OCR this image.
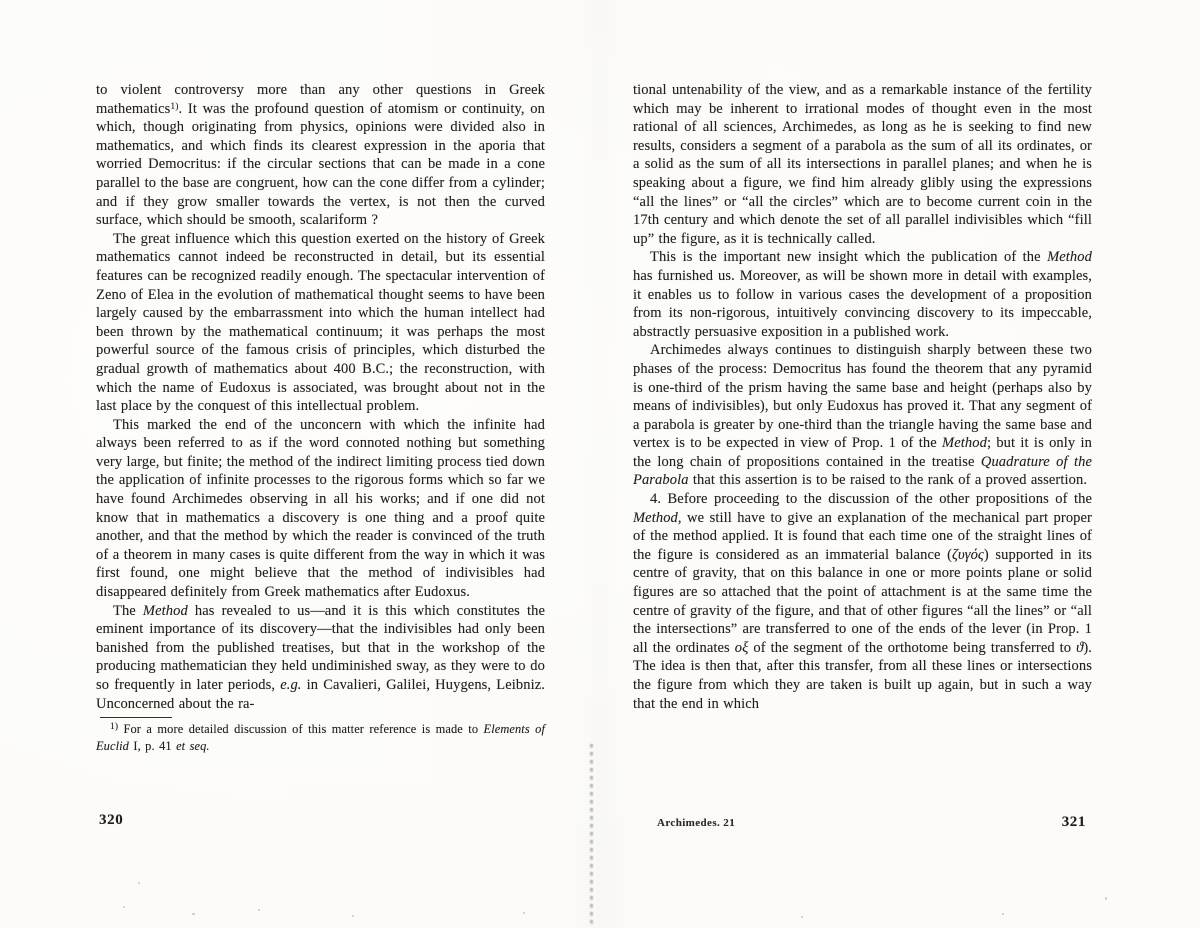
to violent controversy more than any other questions in Greek mathematics$^{1)}$. It was the profound question of atomism or continuity, on which, though originating from physics, opinions were divided also in mathematics, and which finds its clearest expression in the aporia that worried Democritus: if the circular sections that can be made in a cone parallel to the base are congruent, how can the cone differ from a cylinder; and if they grow smaller towards the vertex, is not then the curved surface, which should be smooth, scalariform ?

The great influence which this question exerted on the history of Greek mathematics cannot indeed be reconstructed in detail, but its essential features can be recognized readily enough. The spectacular intervention of Zeno of Elea in the evolution of mathematical thought seems to have been largely caused by the embarrassment into which the human intellect had been thrown by the mathematical continuum; it was perhaps the most powerful source of the famous crisis of principles, which disturbed the gradual growth of mathematics about 400 B.C.; the reconstruction, with which the name of Eudoxus is associated, was brought about not in the last place by the conquest of this intellectual problem.

This marked the end of the unconcern with which the infinite had always been referred to as if the word connoted nothing but something very large, but finite; the method of the indirect limiting process tied down the application of infinite processes to the rigorous forms which so far we have found Archimedes observing in all his works; and if one did not know that in mathematics a discovery is one thing and a proof quite another, and that the method by which the reader is convinced of the truth of a theorem in many cases is quite different from the way in which it was first found, one might believe that the method of indivisibles had disappeared definitely from Greek mathematics after Eudoxus.

The Method has revealed to us—and it is this which constitutes the eminent importance of its discovery—that the indivisibles had only been banished from the published treatises, but that in the workshop of the producing mathematician they held undiminished sway, as they were to do so frequently in later periods, e.g. in Cavalieri, Galilei, Huygens, Leibniz. Unconcerned about the ra-

$^{1)}$ For a more detailed discussion of this matter reference is made to Elements of Euclid I, p. 41 et seq.

320

tional untenability of the view, and as a remarkable instance of the fertility which may be inherent to irrational modes of thought even in the most rational of all sciences, Archimedes, as long as he is seeking to find new results, considers a segment of a parabola as the sum of all its ordinates, or a solid as the sum of all its intersections in parallel planes; and when he is speaking about a figure, we find him already glibly using the expressions “all the lines” or “all the circles” which are to become current coin in the 17th century and which denote the set of all parallel indivisibles which “fill up” the figure, as it is technically called.

This is the important new insight which the publication of the Method has furnished us. Moreover, as will be shown more in detail with examples, it enables us to follow in various cases the development of a proposition from its non-rigorous, intuitively convincing discovery to its impeccable, abstractly persuasive exposition in a published work.

Archimedes always continues to distinguish sharply between these two phases of the process: Democritus has found the theorem that any pyramid is one-third of the prism having the same base and height (perhaps also by means of indivisibles), but only Eudoxus has proved it. That any segment of a parabola is greater by one-third than the triangle having the same base and vertex is to be expected in view of Prop. 1 of the Method; but it is only in the long chain of propositions contained in the treatise Quadrature of the Parabola that this assertion is to be raised to the rank of a proved assertion.

4. Before proceeding to the discussion of the other propositions of the Method, we still have to give an explanation of the mechanical part proper of the method applied. It is found that each time one of the straight lines of the figure is considered as an immaterial balance (ζυγός) supported in its centre of gravity, that on this balance in one or more points plane or solid figures are so attached that the point of attachment is at the same time the centre of gravity of the figure, and that of other figures “all the lines” or “all the intersections” are transferred to one of the ends of the lever (in Prop. 1 all the ordinates οξ of the segment of the orthotome being transferred to ϑ). The idea is then that, after this transfer, from all these lines or intersections the figure from which they are taken is built up again, but in such a way that the end in which

Archimedes. 21	321
